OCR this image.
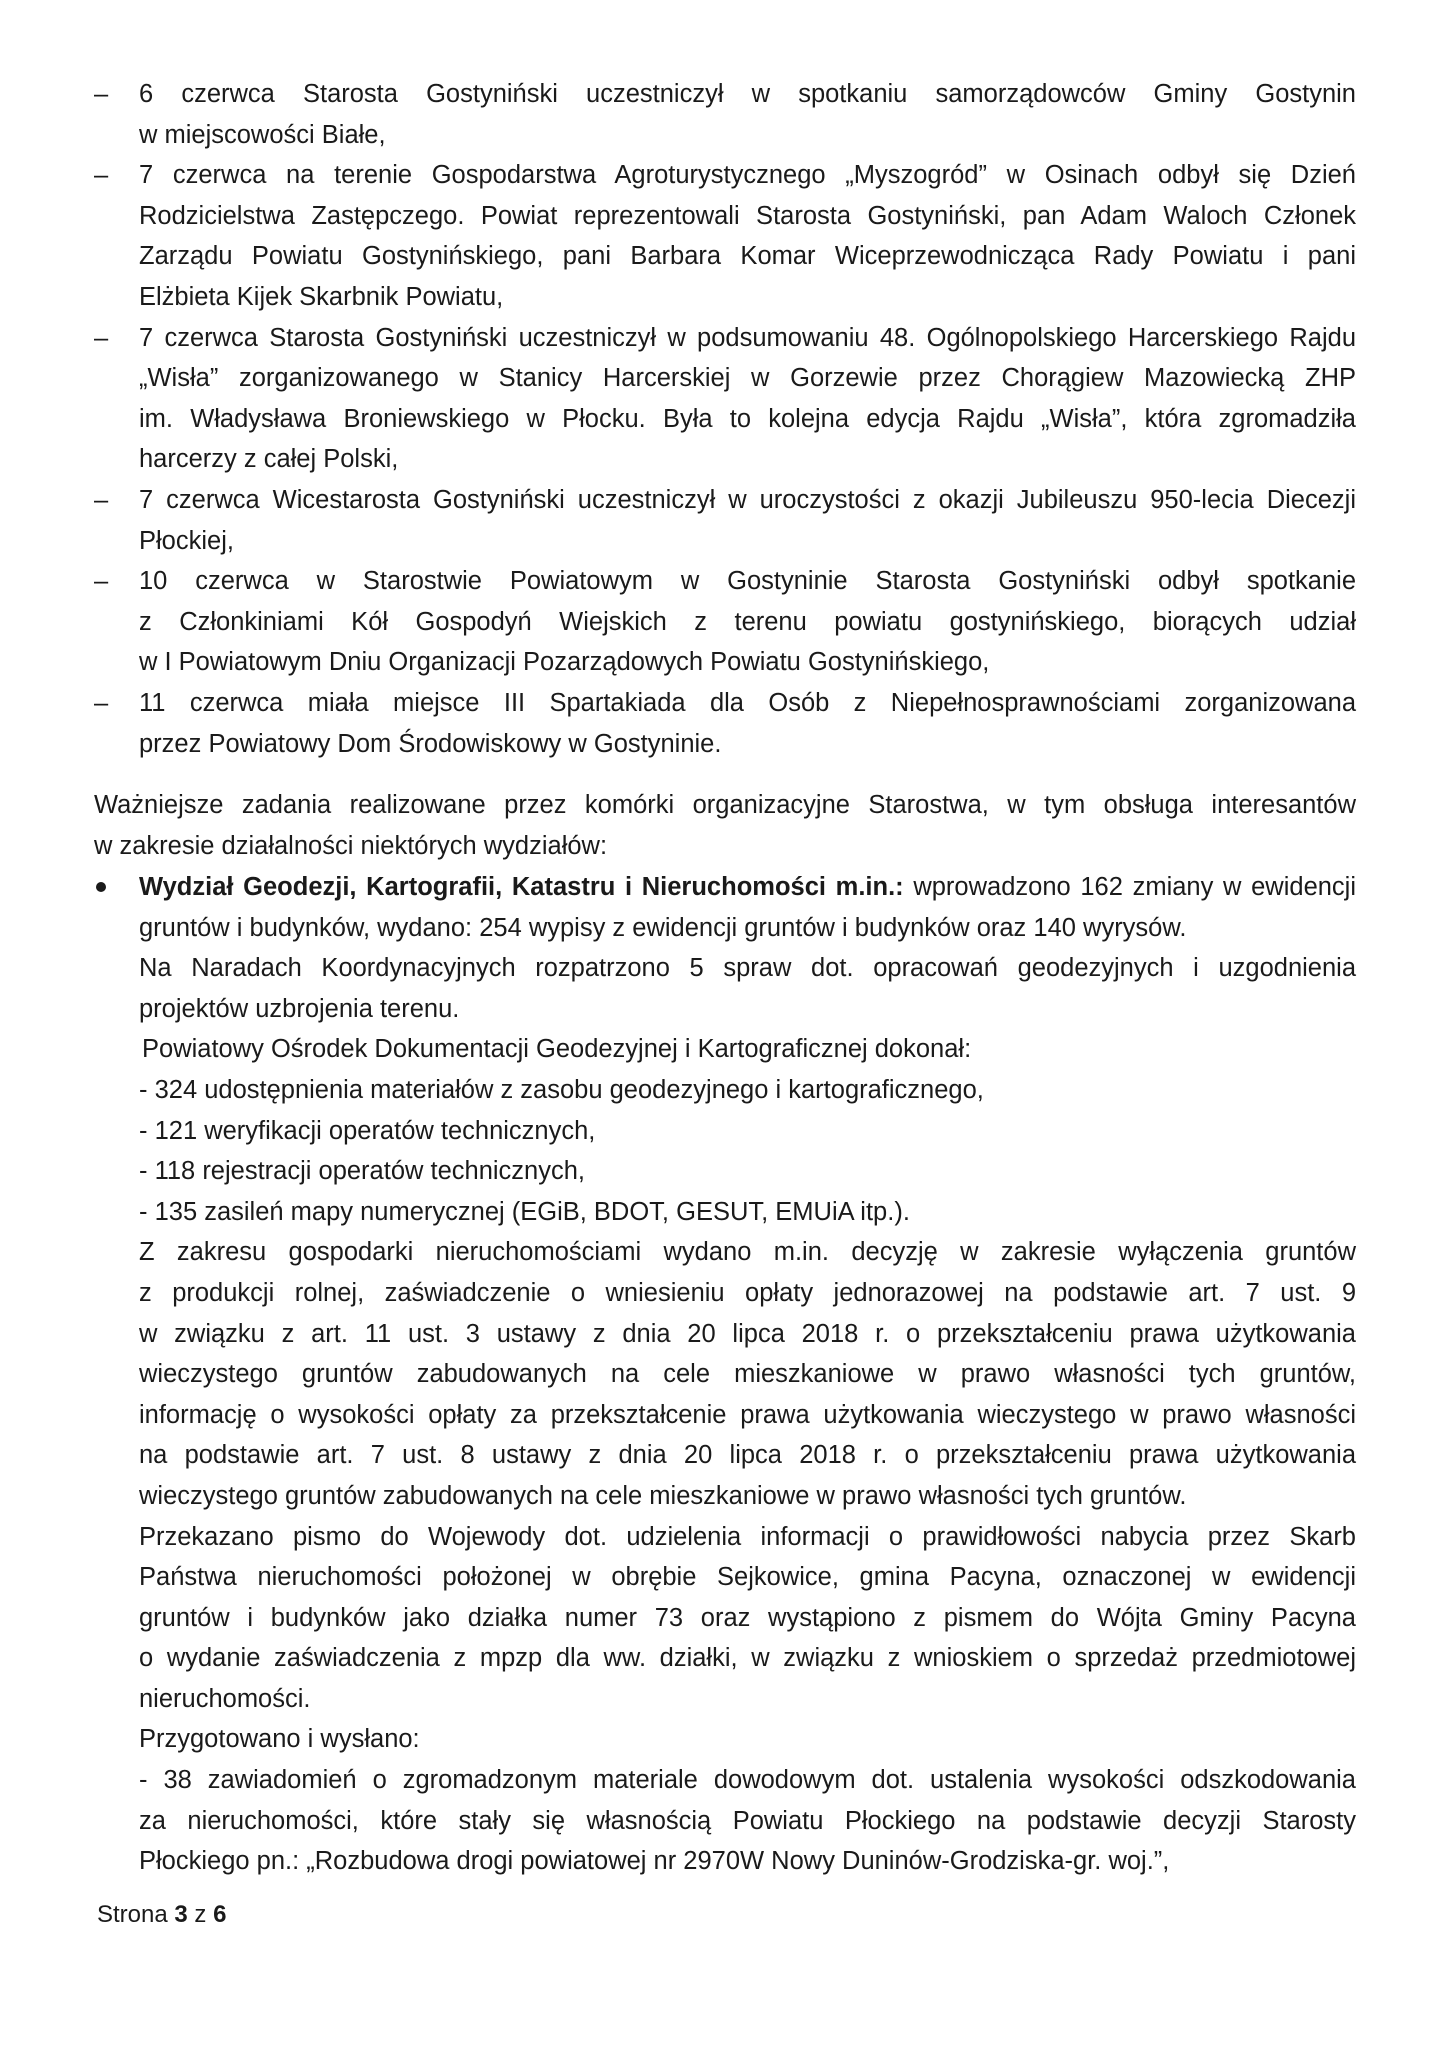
– 6 czerwca Starosta Gostyniński uczestniczył w spotkaniu samorządowców Gminy Gostynin
w miejscowości Białe,
– 7 czerwca na terenie Gospodarstwa Agroturystycznego „Myszogród” w Osinach odbył się Dzień
Rodzicielstwa Zastępczego. Powiat reprezentowali Starosta Gostyniński, pan Adam Waloch Członek
Zarządu Powiatu Gostynińskiego, pani Barbara Komar Wiceprzewodnicząca Rady Powiatu i pani
Elżbieta Kijek Skarbnik Powiatu,
– 7 czerwca Starosta Gostyniński uczestniczył w podsumowaniu 48. Ogólnopolskiego Harcerskiego Rajdu
„Wisła” zorganizowanego w Stanicy Harcerskiej w Gorzewie przez Chorągiew Mazowiecką ZHP
im. Władysława Broniewskiego w Płocku. Była to kolejna edycja Rajdu „Wisła”, która zgromadziła
harcerzy z całej Polski,
– 7 czerwca Wicestarosta Gostyniński uczestniczył w uroczystości z okazji Jubileuszu 950-lecia Diecezji
Płockiej,
– 10 czerwca w Starostwie Powiatowym w Gostyninie Starosta Gostyniński odbył spotkanie
z Członkiniami Kół Gospodyń Wiejskich z terenu powiatu gostynińskiego, biorących udział
w I Powiatowym Dniu Organizacji Pozarządowych Powiatu Gostynińskiego,
– 11 czerwca miała miejsce III Spartakiada dla Osób z Niepełnosprawnościami zorganizowana
przez Powiatowy Dom Środowiskowy w Gostyninie.
Ważniejsze zadania realizowane przez komórki organizacyjne Starostwa, w tym obsługa interesantów
w zakresie działalności niektórych wydziałów:
Wydział Geodezji, Kartografii, Katastru i Nieruchomości m.in.: wprowadzono 162 zmiany w ewidencji
gruntów i budynków, wydano: 254 wypisy z ewidencji gruntów i budynków oraz 140 wyrysów.
Na Naradach Koordynacyjnych rozpatrzono 5 spraw dot. opracowań geodezyjnych i uzgodnienia
projektów uzbrojenia terenu.
Powiatowy Ośrodek Dokumentacji Geodezyjnej i Kartograficznej dokonał:
- 324 udostępnienia materiałów z zasobu geodezyjnego i kartograficznego,
- 121 weryfikacji operatów technicznych,
- 118 rejestracji operatów technicznych,
- 135 zasileń mapy numerycznej (EGiB, BDOT, GESUT, EMUiA itp.).
Z zakresu gospodarki nieruchomościami wydano m.in. decyzję w zakresie wyłączenia gruntów
z produkcji rolnej, zaświadczenie o wniesieniu opłaty jednorazowej na podstawie art. 7 ust. 9
w związku z art. 11 ust. 3 ustawy z dnia 20 lipca 2018 r. o przekształceniu prawa użytkowania
wieczystego gruntów zabudowanych na cele mieszkaniowe w prawo własności tych gruntów,
informację o wysokości opłaty za przekształcenie prawa użytkowania wieczystego w prawo własności
na podstawie art. 7 ust. 8 ustawy z dnia 20 lipca 2018 r. o przekształceniu prawa użytkowania
wieczystego gruntów zabudowanych na cele mieszkaniowe w prawo własności tych gruntów.
Przekazano pismo do Wojewody dot. udzielenia informacji o prawidłowości nabycia przez Skarb
Państwa nieruchomości położonej w obrębie Sejkowice, gmina Pacyna, oznaczonej w ewidencji
gruntów i budynków jako działka numer 73 oraz wystąpiono z pismem do Wójta Gminy Pacyna
o wydanie zaświadczenia z mpzp dla ww. działki, w związku z wnioskiem o sprzedaż przedmiotowej
nieruchomości.
Przygotowano i wysłano:
- 38 zawiadomień o zgromadzonym materiale dowodowym dot. ustalenia wysokości odszkodowania
za nieruchomości, które stały się własnością Powiatu Płockiego na podstawie decyzji Starosty
Płockiego pn.: „Rozbudowa drogi powiatowej nr 2970W Nowy Duninów-Grodziska-gr. woj.”,
Strona 3 z 6
